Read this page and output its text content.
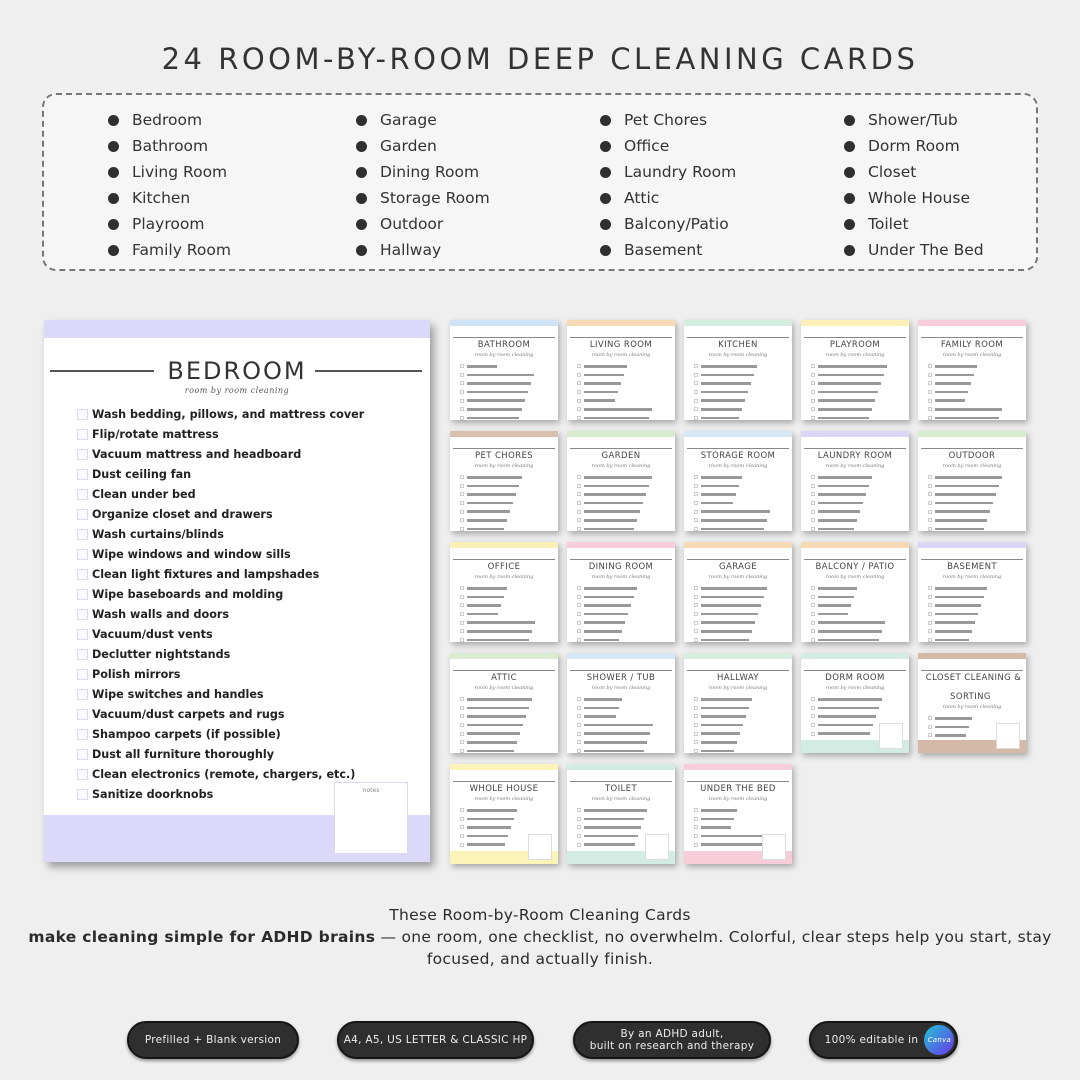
24 ROOM-BY-ROOM DEEP CLEANING CARDS
Bedroom
Bathroom
Living Room
Kitchen
Playroom
Family Room
Garage
Garden
Dining Room
Storage Room
Outdoor
Hallway
Pet Chores
Office
Laundry Room
Attic
Balcony/Patio
Basement
Shower/Tub
Dorm Room
Closet
Whole House
Toilet
Under The Bed
BEDROOM
room by room cleaning
Wash bedding, pillows, and mattress cover
Flip/rotate mattress
Vacuum mattress and headboard
Dust ceiling fan
Clean under bed
Organize closet and drawers
Wash curtains/blinds
Wipe windows and window sills
Clean light fixtures and lampshades
Wipe baseboards and molding
Wash walls and doors
Vacuum/dust vents
Declutter nightstands
Polish mirrors
Wipe switches and handles
Vacuum/dust carpets and rugs
Shampoo carpets (if possible)
Dust all furniture thoroughly
Clean electronics (remote, chargers, etc.)
Sanitize doorknobs	notes
BATHROOM
room by room cleaning
LIVING ROOM
room by room cleaning
KITCHEN
room by room cleaning
PLAYROOM
room by room cleaning
FAMILY ROOM
room by room cleaning
PET CHORES
room by room cleaning
GARDEN
room by room cleaning
STORAGE ROOM
room by room cleaning
LAUNDRY ROOM
room by room cleaning
OUTDOOR
room by room cleaning
OFFICE
room by room cleaning
DINING ROOM
room by room cleaning
GARAGE
room by room cleaning
BALCONY / PATIO
room by room cleaning
BASEMENT
room by room cleaning
ATTIC
room by room cleaning
SHOWER / TUB
room by room cleaning
HALLWAY
room by room cleaning
DORM ROOM
room by room cleaning
CLOSET CLEANING & SORTING
room by room cleaning
WHOLE HOUSE
room by room cleaning
TOILET
room by room cleaning
UNDER THE BED
room by room cleaning
These Room-by-Room Cleaning Cards
make cleaning simple for ADHD brains — one room, one checklist, no overwhelm. Colorful, clear steps help you start, stay focused, and actually finish.
Prefilled + Blank version	A4, A5, US LETTER & CLASSIC HP	By an ADHD adult,
built on research and therapy	100% editable in	Canva
